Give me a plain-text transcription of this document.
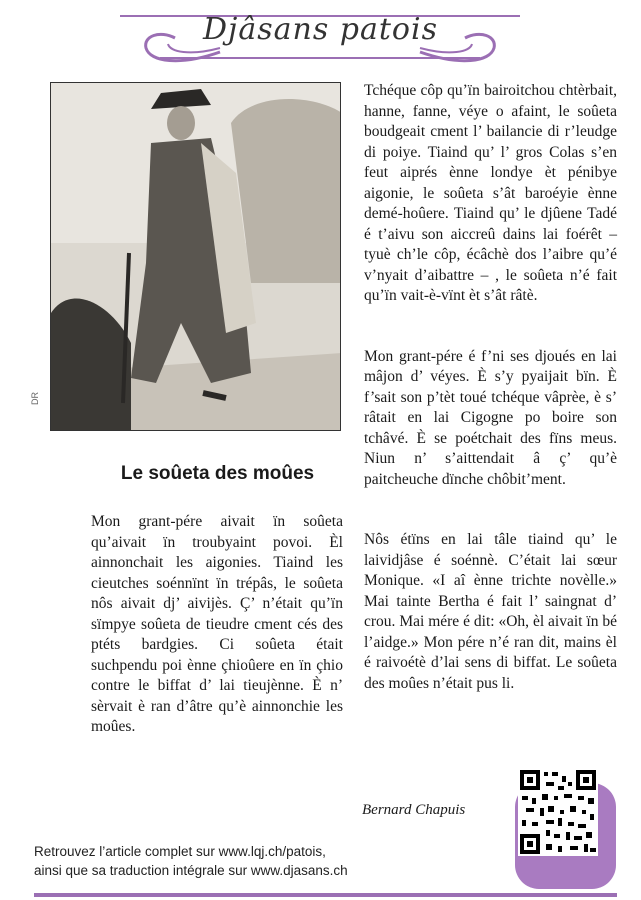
Djâsans patois
DR
Le soûeta des moûes

Mon grant-pére aivait ïn soûeta qu’aivait ïn troubyaint povoi. Èl ainnonchait les aigonies. Tiaind les cieutches soénnïnt ïn trépâs, le soûeta nôs aivait dj’ aivijès. Ç’ n’était qu’ïn sïmpye soûeta de tieudre cment cés des ptéts bardgies. Ci soûeta était suchpendu poi ènne çhioûere en ïn çhio contre le biffat d’ lai tieujènne. È n’ sèrvait è ran d’âtre qu’è ainnonchie les moûes.

Tchéque côp qu’ïn bairoitchou chtèrbait, hanne, fanne, véye o afaint, le soûeta boudgeait cment l’ bailancie di r’leudge di poiye. Tiaind qu’ l’ gros Colas s’en feut aiprés ènne londye èt pénibye aigonie, le soûeta s’ât baroéyie ènne demé-hoûere. Tiaind qu’ le djûene Tadé é t’aivu son aiccreû dains lai foérêt – tyuè ch’le côp, écâchè dos l’aibre qu’é v’nyait d’aibattre – , le soûeta n’é fait qu’ïn vait-è-vïnt èt s’ât râtè.

Mon grant-pére é f’ni ses djoués en lai mâjon d’ véyes. È s’y pyaijait bïn. È f’sait son p’tèt toué tchéque vâprèe, è s’ râtait en lai Cigogne po boire son tchâvé. È se poétchait des fïns meus. Niun n’ s’aittendait â ç’ qu’è paitcheuche dïnche chôbit’ment.

Nôs étïns en lai tâle tiaind qu’ le laividjâse é soénnè. C’était lai sœur Monique. «I aî ènne trichte novèlle.» Mai tainte Bertha é fait l’ saingnat d’ crou. Mai mére é dit: «Oh, èl aivait ïn bé l’aidge.» Mon pére n’é ran dit, mains èl é raivoétè d’lai sens di biffat. Le soûeta des moûes n’était pus li.

Bernard Chapuis
Retrouvez l’article complet sur www.lqj.ch/patois,
ainsi que sa traduction intégrale sur www.djasans.ch
